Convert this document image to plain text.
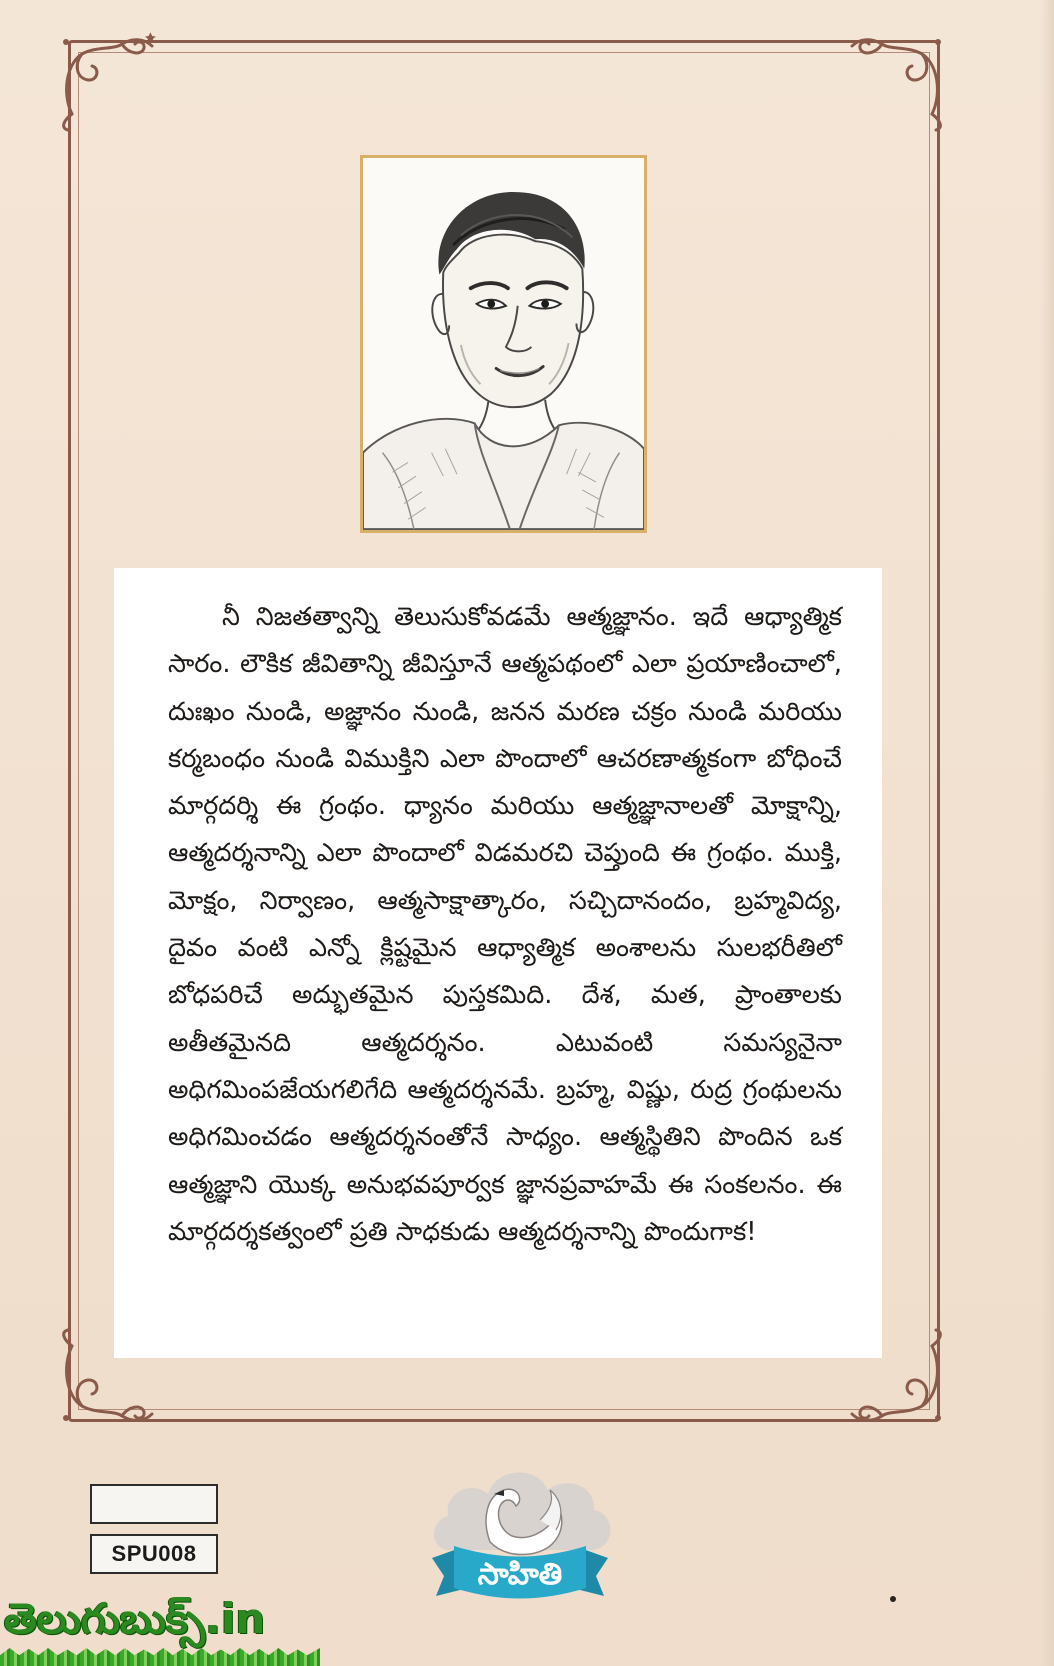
నీ నిజతత్వాన్ని తెలుసుకోవడమే ఆత్మజ్ఞానం. ఇదే ఆధ్యాత్మిక సారం. లౌకిక జీవితాన్ని జీవిస్తూనే ఆత్మపథంలో ఎలా ప్రయాణించాలో, దుఃఖం నుండి, అజ్ఞానం నుండి, జనన మరణ చక్రం నుండి మరియు కర్మబంధం నుండి విముక్తిని ఎలా పొందాలో ఆచరణాత్మకంగా బోధించే మార్గదర్శి ఈ గ్రంథం. ధ్యానం మరియు ఆత్మజ్ఞానాలతో మోక్షాన్ని, ఆత్మదర్శనాన్ని ఎలా పొందాలో విడమరచి చెప్తుంది ఈ గ్రంథం. ముక్తి, మోక్షం, నిర్వాణం, ఆత్మసాక్షాత్కారం, సచ్చిదానందం, బ్రహ్మవిద్య, దైవం వంటి ఎన్నో క్లిష్టమైన ఆధ్యాత్మిక అంశాలను సులభరీతిలో బోధపరిచే అద్భుతమైన పుస్తకమిది. దేశ, మత, ప్రాంతాలకు అతీతమైనది ఆత్మదర్శనం. ఎటువంటి సమస్యనైనా అధిగమింపజేయగలిగేది ఆత్మదర్శనమే. బ్రహ్మ, విష్ణు, రుద్ర గ్రంథులను అధిగమించడం ఆత్మదర్శనంతోనే సాధ్యం. ఆత్మస్థితిని పొందిన ఒక ఆత్మజ్ఞాని యొక్క అనుభవపూర్వక జ్ఞానప్రవాహమే ఈ సంకలనం. ఈ మార్గదర్శకత్వంలో ప్రతి సాధకుడు ఆత్మదర్శనాన్ని పొందుగాక!

SPU008
సాహితి
తెలుగుబుక్స్.in
